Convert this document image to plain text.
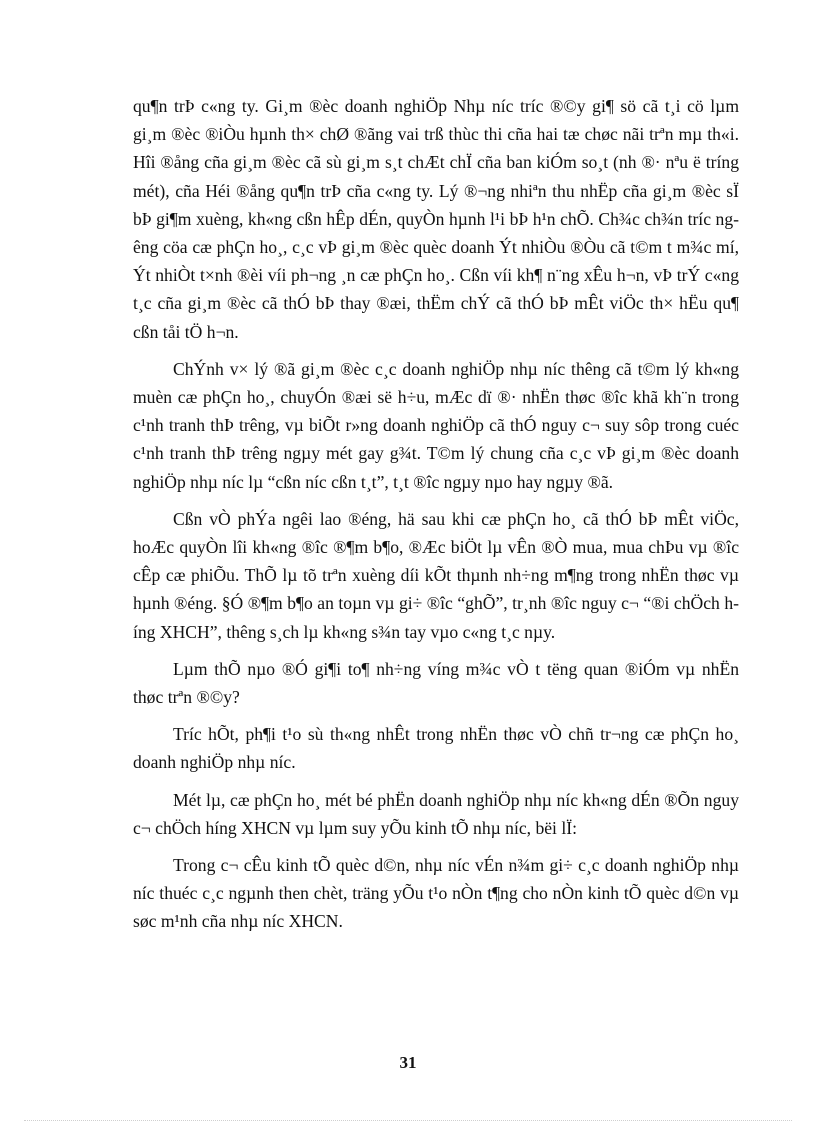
qu¶n trÞ c«ng ty. Gi¸m ®èc doanh nghiÖp Nhµ níc tríc ®©y gi¶ sö cã t¸i cö lµm gi¸m ®èc ®iÒu hµnh th× chØ ®ãng vai trß thùc thi cña hai tæ chøc nãi trªn mµ th«i. Hîi ®ång cña gi¸m ®èc cã sù gi¸m s¸t chÆt chÏ cña ban kiÓm so¸t (nh ®· nªu ë tríng mét), cña Héi ®ång qu¶n trÞ cña c«ng ty. Lý ®¬ng nhiªn thu nhËp cña gi¸m ®èc sÏ bÞ gi¶m xuèng, kh«ng cßn hÊp dÉn, quyÒn hµnh l¹i bÞ h¹n chÕ. Ch¾c ch¾n tríc ngêng cöa cæ phÇn ho¸, c¸c vÞ gi¸m ®èc quèc doanh Ýt nhiÒu ®Òu cã t©m t m¾c mí, Ýt nhiÒt t×nh ®èi víi ph¬ng ¸n cæ phÇn ho¸. Cßn víi kh¶ n¨ng xÊu h¬n, vÞ trÝ c«ng t¸c cña gi¸m ®èc cã thÓ bÞ thay ®æi, thËm chÝ cã thÓ bÞ mÊt viÖc th× hËu qu¶ cßn tåi tÖ h¬n.

ChÝnh v× lý ®ã gi¸m ®èc c¸c doanh nghiÖp nhµ níc thêng cã t©m lý kh«ng muèn cæ phÇn ho¸, chuyÓn ®æi së h÷u, mÆc dï ®· nhËn thøc ®îc khã kh¨n trong c¹nh tranh thÞ trêng, vµ biÕt r»ng doanh nghiÖp cã thÓ nguy c¬ suy sôp trong cuéc c¹nh tranh thÞ trêng ngµy mét gay g¾t. T©m lý chung cña c¸c vÞ gi¸m ®èc doanh nghiÖp nhµ níc lµ “cßn níc cßn t¸t”, t¸t ®îc ngµy nµo hay ngµy ®ã.

Cßn vÒ phÝa ngêi lao ®éng, hä sau khi cæ phÇn ho¸ cã thÓ bÞ mÊt viÖc, hoÆc quyÒn lîi kh«ng ®îc ®¶m b¶o, ®Æc biÖt lµ vÊn ®Ò mua, mua chÞu vµ ®îc cÊp cæ phiÕu. ThÕ lµ tõ trªn xuèng díi kÕt thµnh nh÷ng m¶ng trong nhËn thøc vµ hµnh ®éng. §Ó ®¶m b¶o an toµn vµ gi÷ ®îc “ghÕ”, tr¸nh ®îc nguy c¬ “®i chÖch híng XHCH”, thêng s¸ch lµ kh«ng s¾n tay vµo c«ng t¸c nµy.

Lµm thÕ nµo ®Ó gi¶i to¶ nh÷ng víng m¾c vÒ t tëng quan ®iÓm vµ nhËn thøc trªn ®©y?

Tríc hÕt, ph¶i t¹o sù th«ng nhÊt trong nhËn thøc vÒ chñ tr¬ng cæ phÇn ho¸ doanh nghiÖp nhµ níc.

Mét lµ, cæ phÇn ho¸ mét bé phËn doanh nghiÖp nhµ níc kh«ng dÉn ®Õn nguy c¬ chÖch híng XHCN vµ lµm suy yÕu kinh tÕ nhµ níc, bëi lÏ:

Trong c¬ cÊu kinh tÕ quèc d©n, nhµ níc vÉn n¾m gi÷ c¸c doanh nghiÖp nhµ níc thuéc c¸c ngµnh then chèt, träng yÕu t¹o nÒn t¶ng cho nÒn kinh tÕ quèc d©n vµ søc m¹nh cña nhµ níc XHCN.

31
